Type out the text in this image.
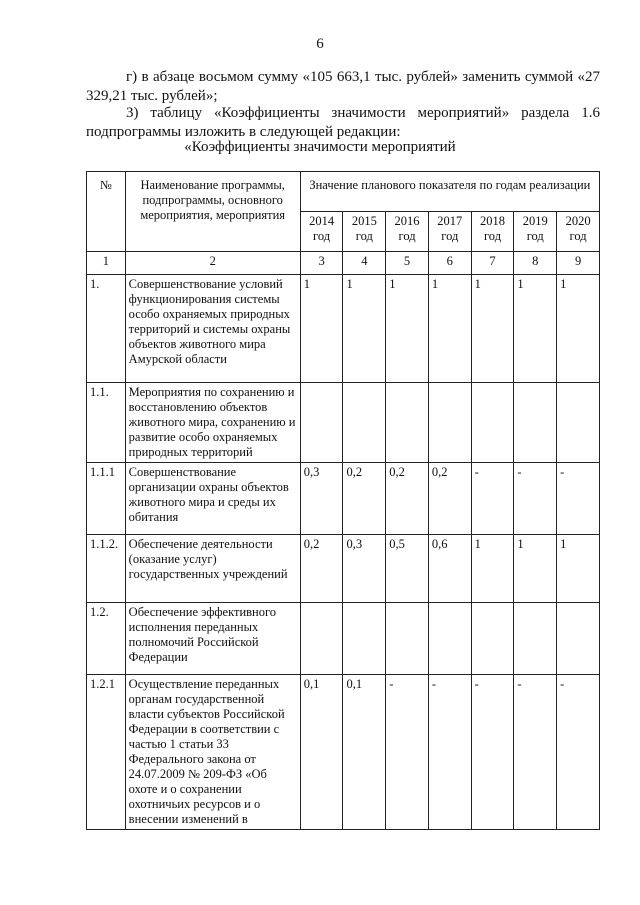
6
г) в абзаце восьмом сумму «105 663,1 тыс. рублей» заменить суммой «27 329,21 тыс. рублей»;
3) таблицу «Коэффициенты значимости мероприятий» раздела 1.6 подпрограммы изложить в следующей редакции:
«Коэффициенты значимости мероприятий
№	Наименование программы, подпрограммы, основного мероприятия, мероприятия	Значение планового показателя по годам реализации						
		2014 год	2015 год	2016 год	2017 год	2018 год	2019 год	2020 год
1	2	3	4	5	6	7	8	9
1.	Совершенствование условий функционирования системы особо охраняемых природных территорий и системы охраны объектов животного мира Амурской области	1	1	1	1	1	1	1
1.1.	Мероприятия по сохранению и восстановлению объектов животного мира, сохранению и развитие особо охраняемых природных территорий							
1.1.1	Совершенствование организации охраны объектов животного мира и среды их обитания	0,3	0,2	0,2	0,2	-	-	-
1.1.2.	Обеспечение деятельности (оказание услуг) государственных учреждений	0,2	0,3	0,5	0,6	1	1	1
1.2.	Обеспечение эффективного исполнения переданных полномочий Российской Федерации							
1.2.1	Осуществление переданных органам государственной власти субъектов Российской Федерации в соответствии с частью 1 статьи 33 Федерального закона от 24.07.2009 № 209-ФЗ «Об охоте и о сохранении охотничьих ресурсов и о внесении изменений в	0,1	0,1	-	-	-	-	-
